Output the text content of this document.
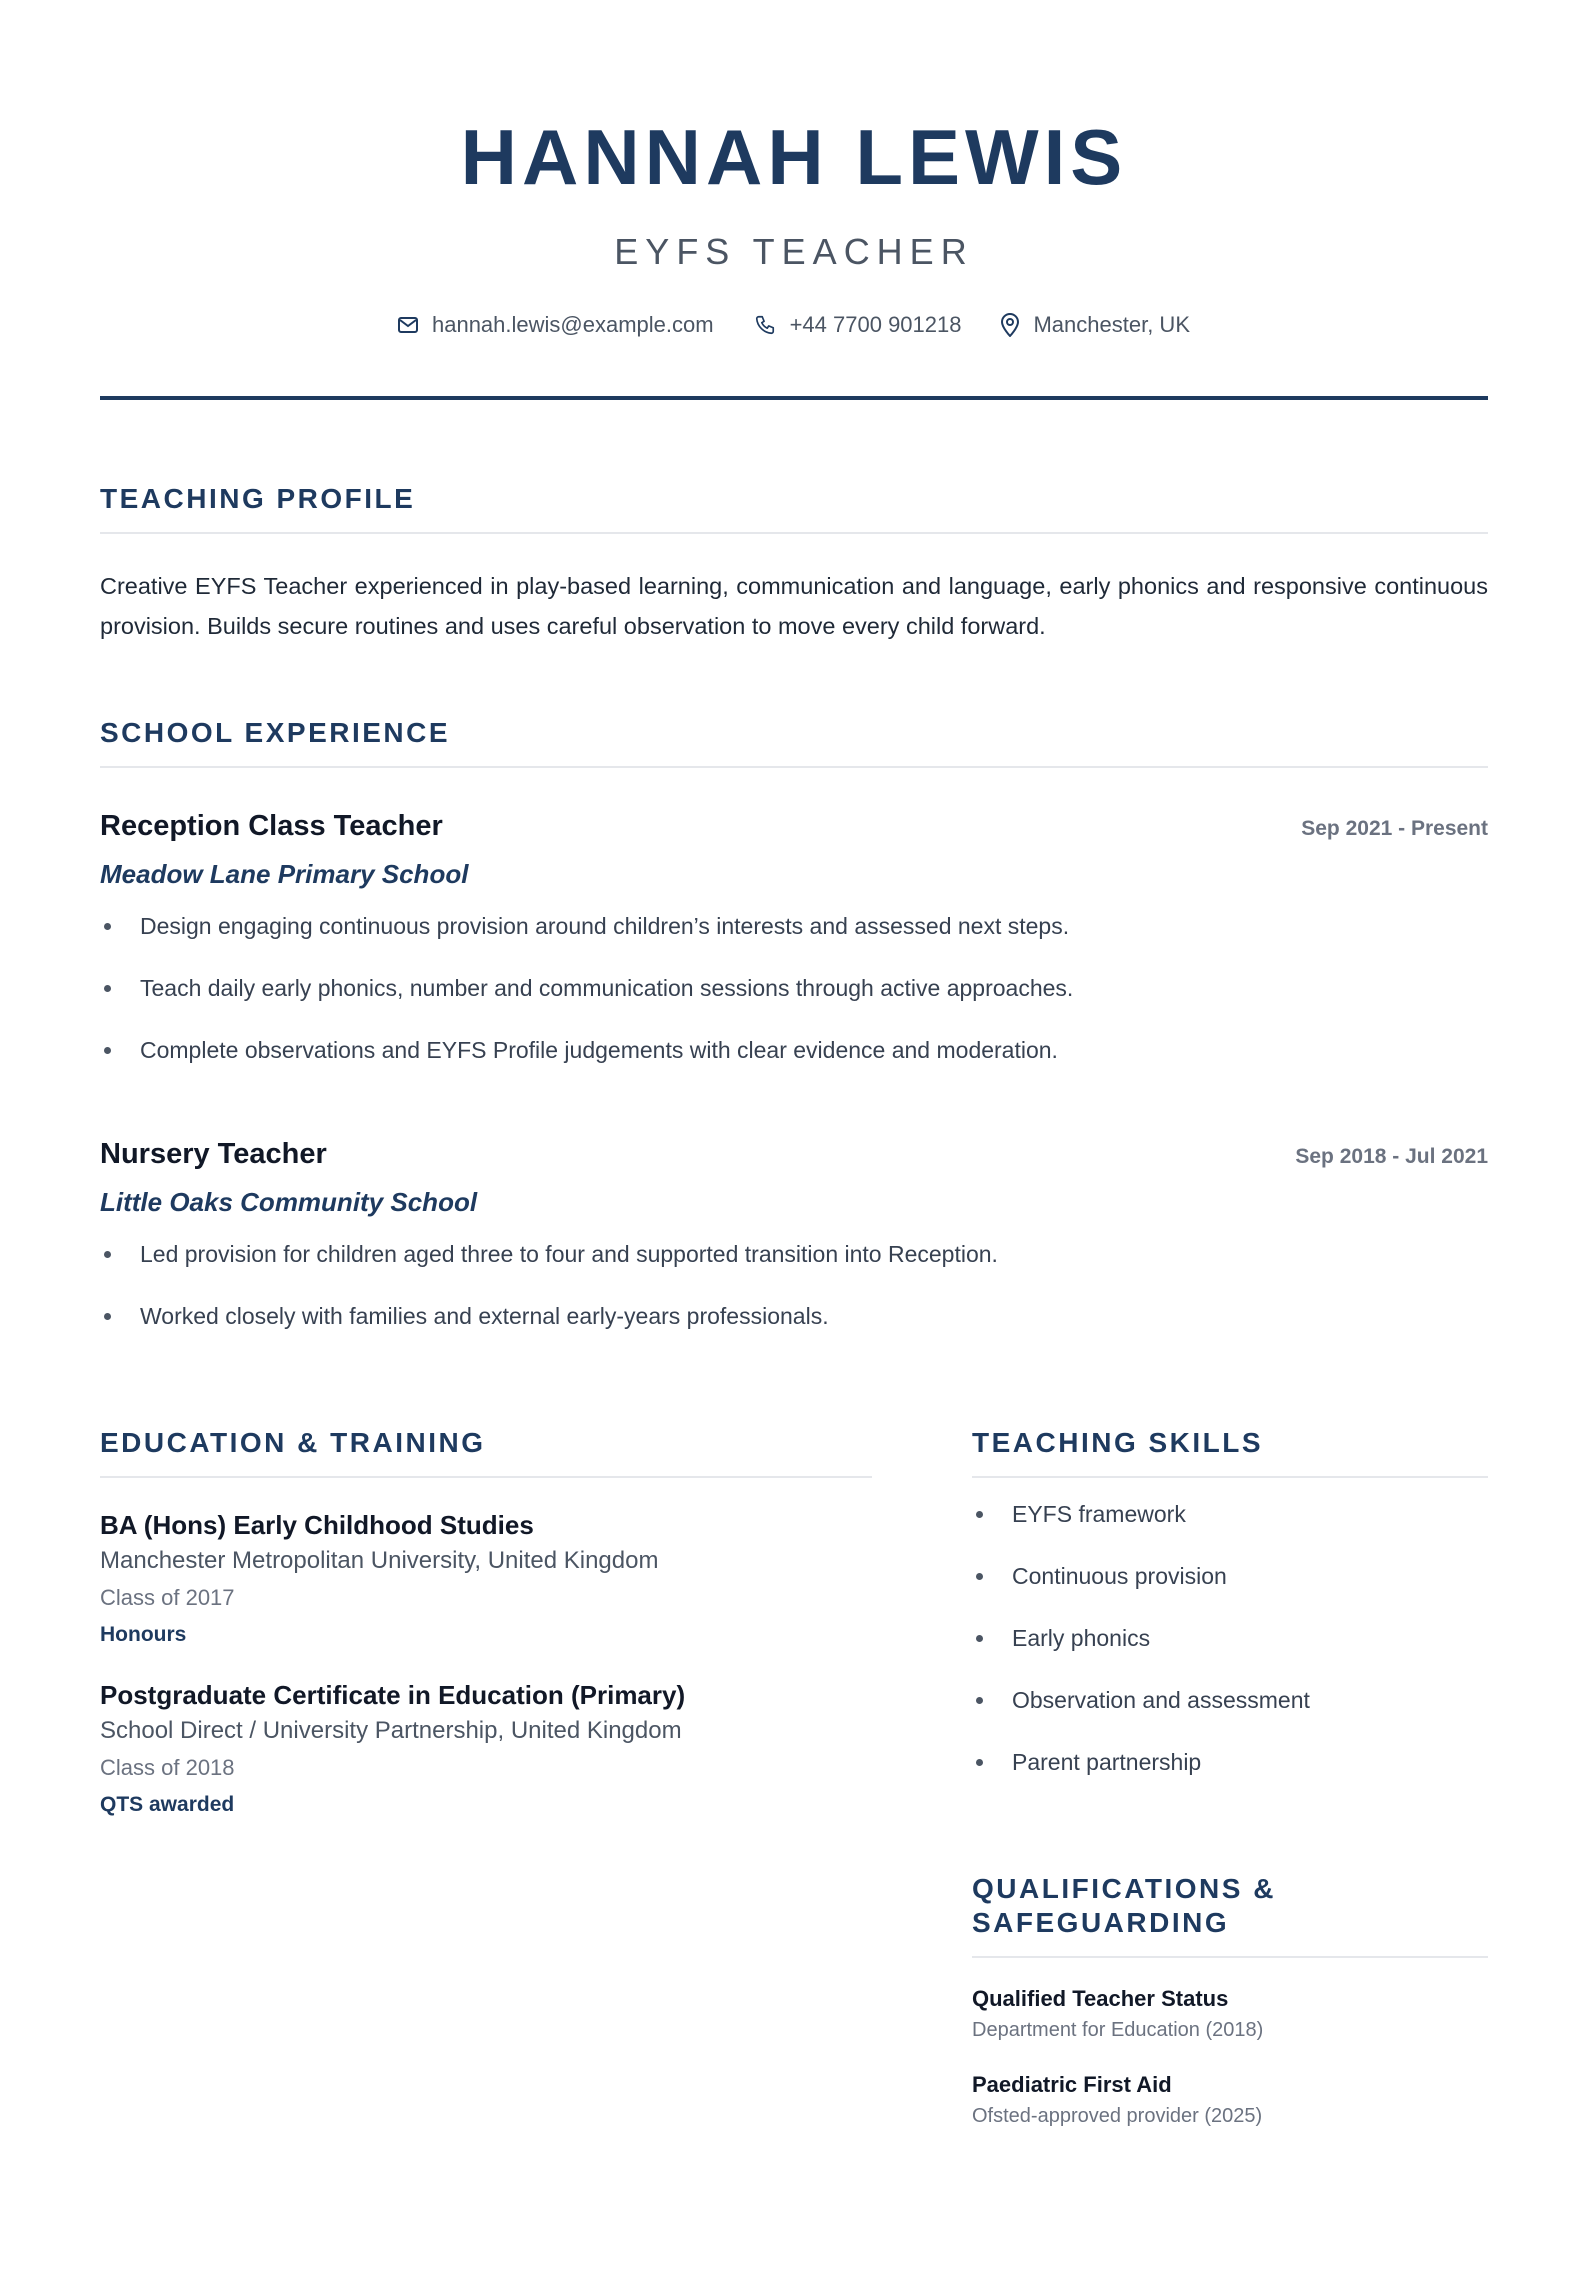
HANNAH LEWIS
EYFS TEACHER
hannah.lewis@example.com	+44 7700 901218	Manchester, UK
TEACHING PROFILE

Creative EYFS Teacher experienced in play-based learning, communication and language, early phonics and responsive continuous provision. Builds secure routines and uses careful observation to move every child forward.

SCHOOL EXPERIENCE
Reception Class Teacher	Sep 2021 - Present
Meadow Lane Primary School
Design engaging continuous provision around children’s interests and assessed next steps.
Teach daily early phonics, number and communication sessions through active approaches.
Complete observations and EYFS Profile judgements with clear evidence and moderation.
Nursery Teacher	Sep 2018 - Jul 2021
Little Oaks Community School
Led provision for children aged three to four and supported transition into Reception.
Worked closely with families and external early-years professionals.
EDUCATION & TRAINING
BA (Hons) Early Childhood Studies
Manchester Metropolitan University, United Kingdom
Class of 2017
Honours
Postgraduate Certificate in Education (Primary)
School Direct / University Partnership, United Kingdom
Class of 2018
QTS awarded
TEACHING SKILLS
EYFS framework
Continuous provision
Early phonics
Observation and assessment
Parent partnership
QUALIFICATIONS & SAFEGUARDING
Qualified Teacher Status
Department for Education (2018)
Paediatric First Aid
Ofsted-approved provider (2025)
